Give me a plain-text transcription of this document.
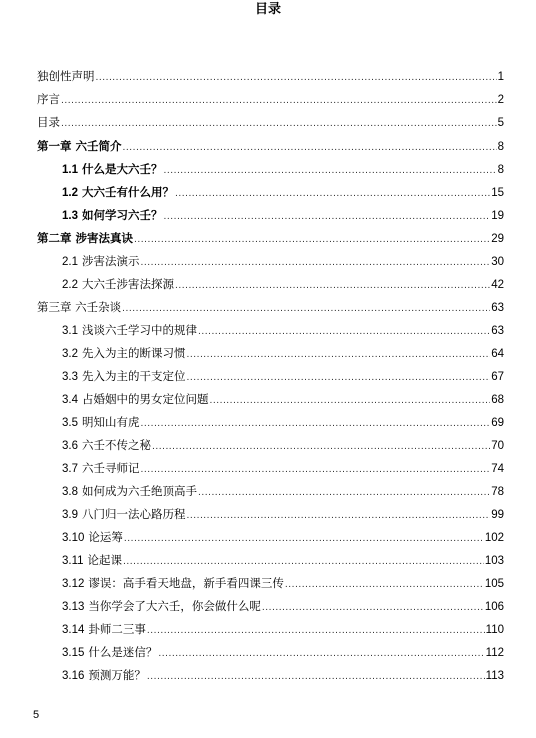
目录
独创性声明 .....	1
序言 .....	2
目录 .....	5
第一章 六壬简介 .....	8
1.1 什么是大六壬？ .....	8
1.2 大六壬有什么用？ .....	15
1.3 如何学习六壬？ .....	19
第二章 涉害法真诀 .....	29
2.1 涉害法演示 .....	30
2.2 大六壬涉害法探源 .....	42
第三章 六壬杂谈 .....	63
3.1 浅谈六壬学习中的规律 .....	63
3.2 先入为主的断课习惯 .....	64
3.3 先入为主的干支定位 .....	67
3.4 占婚姻中的男女定位问题 .....	68
3.5 明知山有虎 .....	69
3.6 六壬不传之秘 .....	70
3.7 六壬寻师记 .....	74
3.8 如何成为六壬绝顶高手 .....	78
3.9 八门归一法心路历程 .....	99
3.10 论运筹 .....	102
3.11 论起课 .....	103
3.12 谬误：高手看天地盘，新手看四课三传 .....	105
3.13 当你学会了大六壬，你会做什么呢 .....	106
3.14 卦师二三事 .....	110
3.15 什么是迷信？ .....	112
3.16 预测万能？ .....	113
5
